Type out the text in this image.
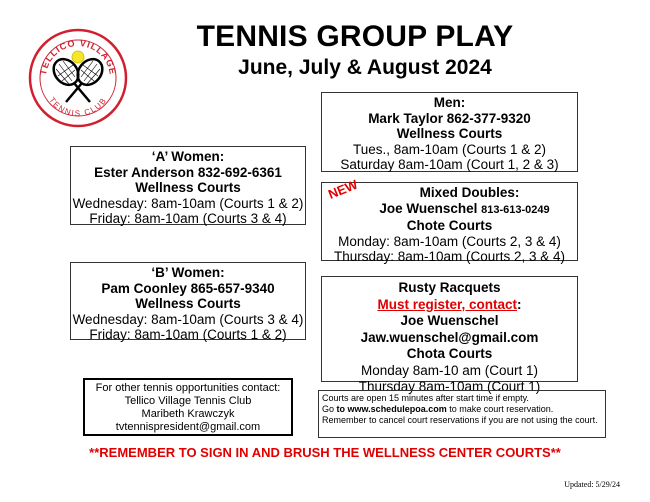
TELLICO VILLAGE
TENNIS CLUB
TENNIS GROUP PLAY
June, July & August 2024
‘A’ Women:
Ester Anderson 832-692-6361
Wellness Courts
Wednesday: 8am-10am (Courts 1 & 2)
Friday: 8am-10am (Courts 3 & 4)
‘B’ Women:
Pam Coonley 865-657-9340
Wellness Courts
Wednesday: 8am-10am (Courts 3 & 4)
Friday: 8am-10am (Courts 1 & 2)
Men:
Mark Taylor 862-377-9320
Wellness Courts
Tues., 8am-10am (Courts 1 & 2)
Saturday 8am-10am (Court 1, 2 & 3)
Mixed Doubles:
Joe Wuenschel 813-613-0249
Chote Courts
Monday: 8am-10am (Courts 2, 3 & 4)
Thursday: 8am-10am (Courts 2, 3 & 4)
NEW
Rusty Racquets
Must register, contact:
Joe Wuenschel
Jaw.wuenschel@gmail.com
Chota Courts
Monday 8am-10 am (Court 1)
Thursday 8am-10am (Court 1)
For other tennis opportunities contact:
Tellico Village Tennis Club
Maribeth Krawczyk
tvtennispresident@gmail.com
Courts are open 15 minutes after start time if empty.
Go to www.schedulepoa.com to make court reservation.
Remember to cancel court reservations if you are not using the court.
**REMEMBER TO SIGN IN AND BRUSH THE WELLNESS CENTER COURTS**
Updated: 5/29/24
